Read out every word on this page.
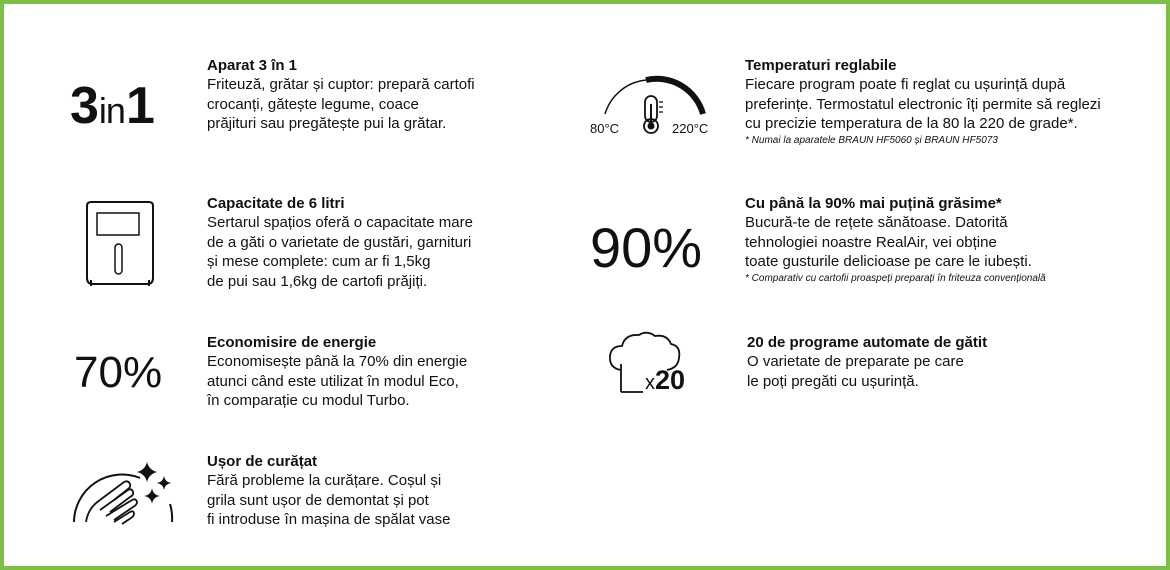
3in1
Aparat 3 în 1
Friteuză, grătar și cuptor: prepară cartofi
crocanți, gătește legume, coace
prăjituri sau pregătește pui la grătar.
Capacitate de 6 litri
Sertarul spațios oferă o capacitate mare
de a găti o varietate de gustări, garnituri
și mese complete: cum ar fi 1,5kg
de pui sau 1,6kg de cartofi prăjiți.
70%
Economisire de energie
Economisește până la 70% din energie
atunci când este utilizat în modul Eco,
în comparație cu modul Turbo.
Ușor de curățat
Fără probleme la curățare. Coșul și
grila sunt ușor de demontat și pot
fi introduse în mașina de spălat vase
80°C	220°C
Temperaturi reglabile
Fiecare program poate fi reglat cu ușurință după
preferințe. Termostatul electronic îți permite să reglezi
cu precizie temperatura de la 80 la 220 de grade*.
* Numai la aparatele BRAUN HF5060 și BRAUN HF5073
90%
Cu până la 90% mai puțină grăsime*
Bucură-te de rețete sănătoase. Datorită
tehnologiei noastre RealAir, vei obține
toate gusturile delicioase pe care le iubești.
* Comparativ cu cartofii proaspeți preparați în friteuza convențională
x20
20 de programe automate de gătit
O varietate de preparate pe care
le poți pregăti cu ușurință.
